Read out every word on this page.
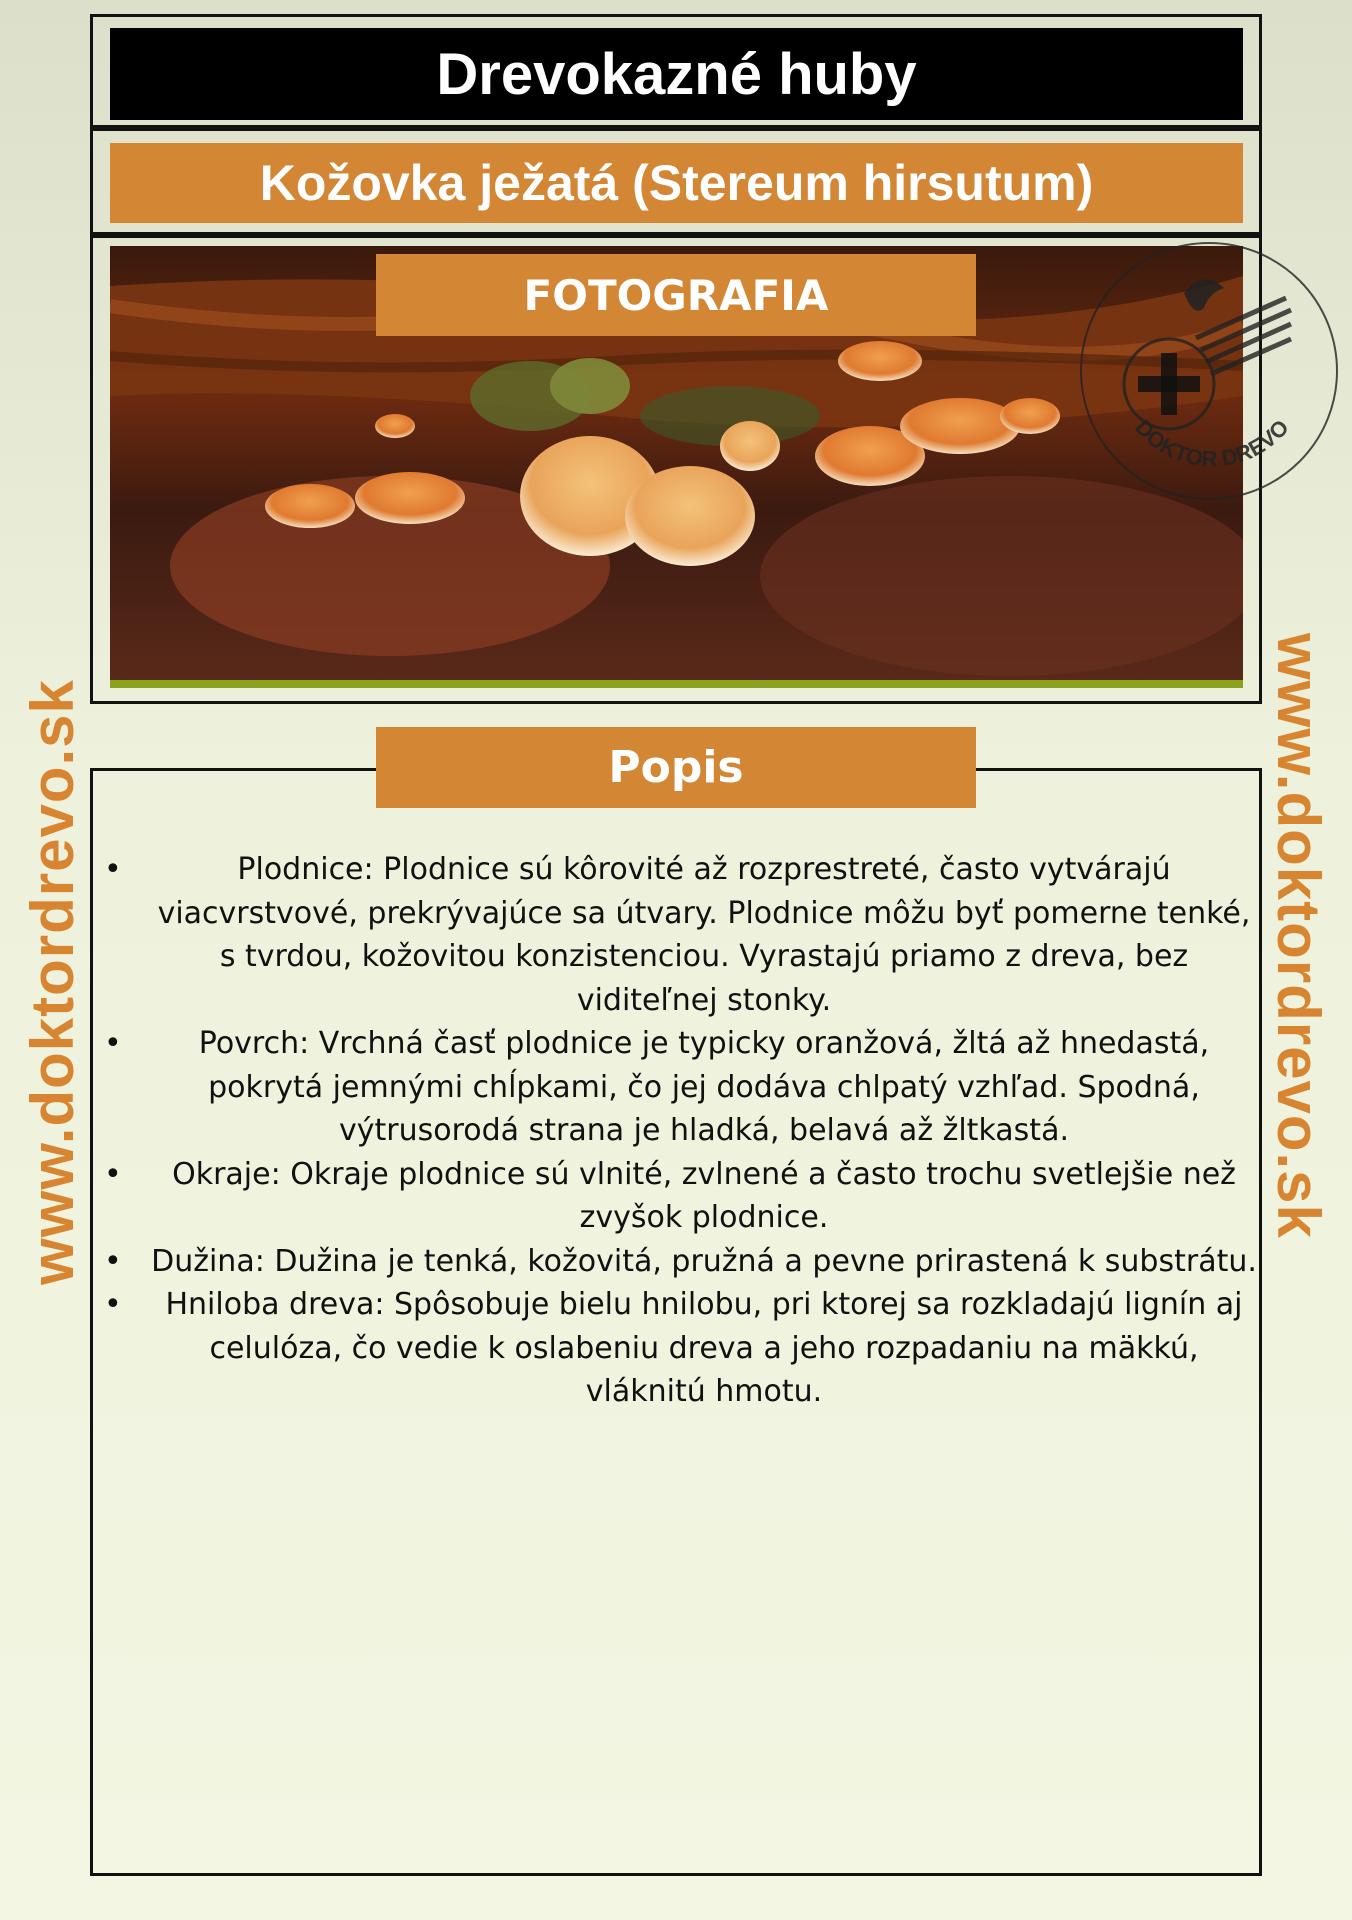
www.doktordrevo.sk	www.doktordrevo.sk
Drevokazné huby
Kožovka ježatá (Stereum hirsutum)
FOTOGRAFIA
DOKTOR DREVO
Popis
• Plodnice: Plodnice sú kôrovité až rozprestreté, často vytvárajú viacvrstvové, prekrývajúce sa útvary. Plodnice môžu byť pomerne tenké, s tvrdou, kožovitou konzistenciou. Vyrastajú priamo z dreva, bez viditeľnej stonky.
• Povrch: Vrchná časť plodnice je typicky oranžová, žltá až hnedastá, pokrytá jemnými chĺpkami, čo jej dodáva chlpatý vzhľad. Spodná, výtrusorodá strana je hladká, belavá až žltkastá.
• Okraje: Okraje plodnice sú vlnité, zvlnené a často trochu svetlejšie než zvyšok plodnice.
• Dužina: Dužina je tenká, kožovitá, pružná a pevne prirastená k substrátu.
• Hniloba dreva: Spôsobuje bielu hnilobu, pri ktorej sa rozkladajú lignín aj celulóza, čo vedie k oslabeniu dreva a jeho rozpadaniu na mäkkú, vláknitú hmotu.
